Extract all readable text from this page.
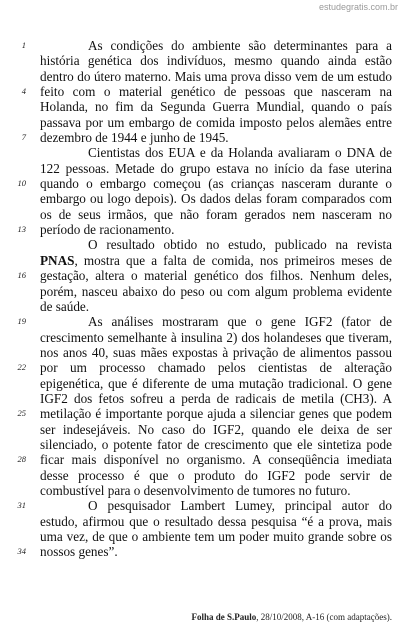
estudegratis.com.br
1
4
7
10
13
16
19
22
25
28
31
34

As condições do ambiente são determinantes para a história genética dos indivíduos, mesmo quando ainda estão dentro do útero materno. Mais uma prova disso vem de um estudo feito com o material genético de pessoas que nasceram na Holanda, no fim da Segunda Guerra Mundial, quando o país passava por um embargo de comida imposto pelos alemães entre dezembro de 1944 e junho de 1945.

Cientistas dos EUA e da Holanda avaliaram o DNA de 122 pessoas. Metade do grupo estava no início da fase uterina quando o embargo começou (as crianças nasceram durante o embargo ou logo depois). Os dados delas foram comparados com os de seus irmãos, que não foram gerados nem nasceram no período de racionamento.

O resultado obtido no estudo, publicado na revista PNAS, mostra que a falta de comida, nos primeiros meses de gestação, altera o material genético dos filhos. Nenhum deles, porém, nasceu abaixo do peso ou com algum problema evidente de saúde.

As análises mostraram que o gene IGF2 (fator de crescimento semelhante à insulina 2) dos holandeses que tiveram, nos anos 40, suas mães expostas à privação de alimentos passou por um processo chamado pelos cientistas de alteração epigenética, que é diferente de uma mutação tradicional. O gene IGF2 dos fetos sofreu a perda de radicais de metila (CH3). A metilação é importante porque ajuda a silenciar genes que podem ser indesejáveis. No caso do IGF2, quando ele deixa de ser silenciado, o potente fator de crescimento que ele sintetiza pode ficar mais disponível no organismo. A conseqüência imediata desse processo é que o produto do IGF2 pode servir de combustível para o desenvolvimento de tumores no futuro.

O pesquisador Lambert Lumey, principal autor do estudo, afirmou que o resultado dessa pesquisa “é a prova, mais uma vez, de que o ambiente tem um poder muito grande sobre os nossos genes”.

Folha de S.Paulo, 28/10/2008, A-16 (com adaptações).
